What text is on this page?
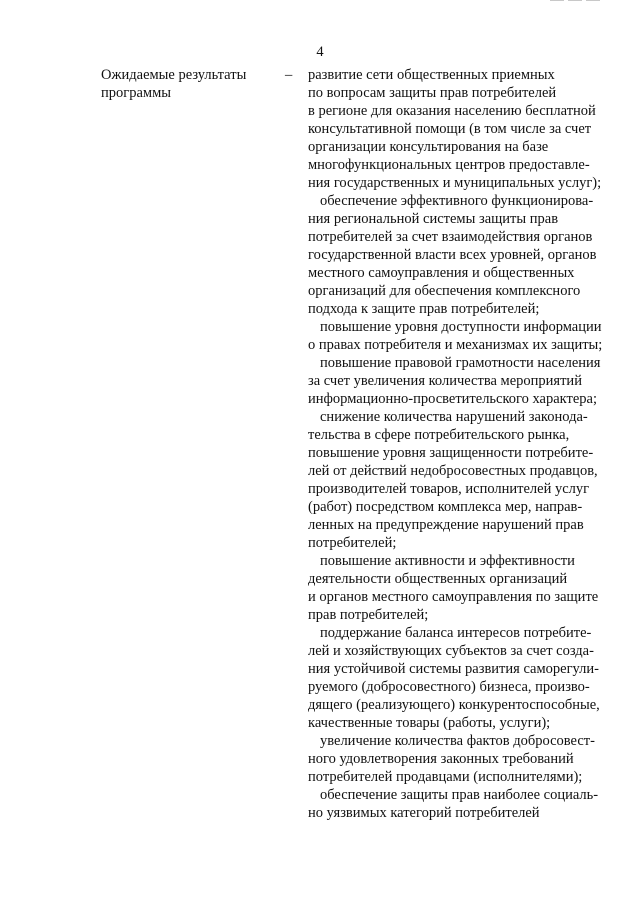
4
Ожидаемые результаты
программы
– развитие сети общественных приемных
по вопросам защиты прав потребителей
в регионе для оказания населению бесплатной
консультативной помощи (в том числе за счет
организации консультирования на базе
многофункциональных центров предоставле-
ния государственных и муниципальных услуг);
обеспечение эффективного функционирова-
ния региональной системы защиты прав
потребителей за счет взаимодействия органов
государственной власти всех уровней, органов
местного самоуправления и общественных
организаций для обеспечения комплексного
подхода к защите прав потребителей;
повышение уровня доступности информации
о правах потребителя и механизмах их защиты;
повышение правовой грамотности населения
за счет увеличения количества мероприятий
информационно-просветительского характера;
снижение количества нарушений законода-
тельства в сфере потребительского рынка,
повышение уровня защищенности потребите-
лей от действий недобросовестных продавцов,
производителей товаров, исполнителей услуг
(работ) посредством комплекса мер, направ-
ленных на предупреждение нарушений прав
потребителей;
повышение активности и эффективности
деятельности общественных организаций
и органов местного самоуправления по защите
прав потребителей;
поддержание баланса интересов потребите-
лей и хозяйствующих субъектов за счет созда-
ния устойчивой системы развития саморегули-
руемого (добросовестного) бизнеса, произво-
дящего (реализующего) конкурентоспособные,
качественные товары (работы, услуги);
увеличение количества фактов добросовест-
ного удовлетворения законных требований
потребителей продавцами (исполнителями);
обеспечение защиты прав наиболее социаль-
но уязвимых категорий потребителей
